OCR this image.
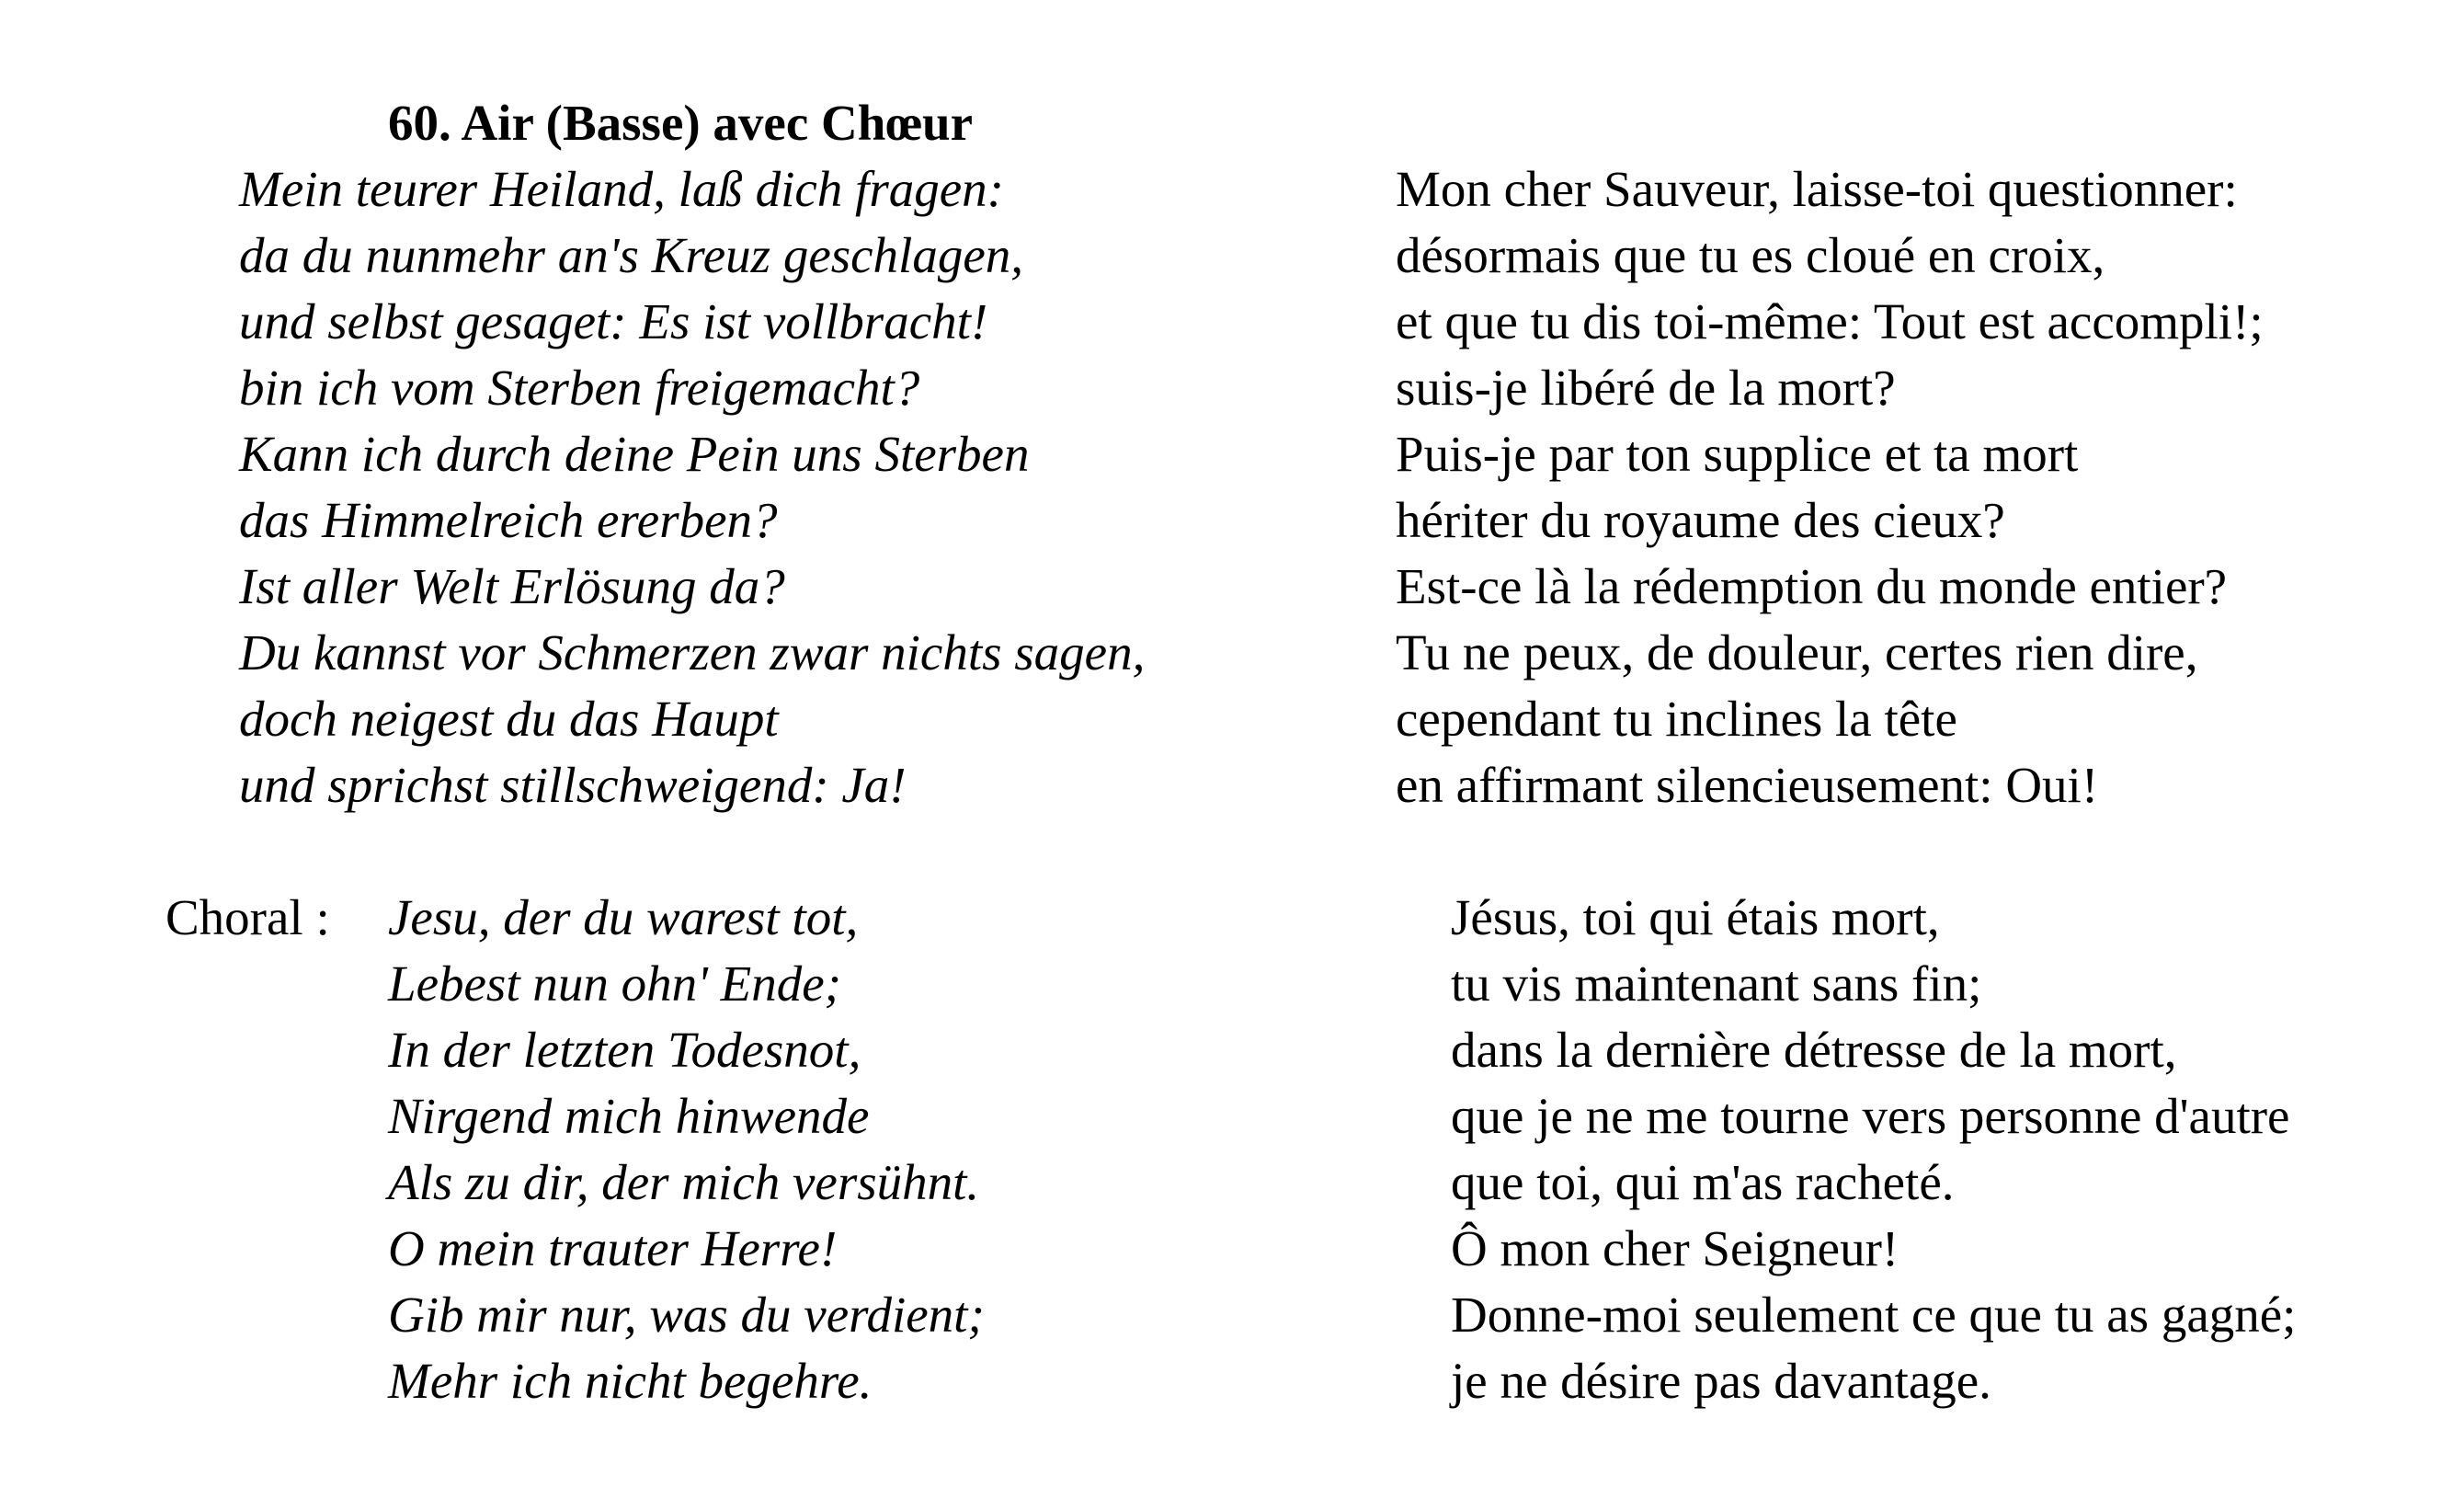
60. Air (Basse) avec Chœur
Mein teurer Heiland, laß dich fragen:
da du nunmehr an's Kreuz geschlagen,
und selbst gesaget: Es ist vollbracht!
bin ich vom Sterben freigemacht?
Kann ich durch deine Pein uns Sterben
das Himmelreich ererben?
Ist aller Welt Erlösung da?
Du kannst vor Schmerzen zwar nichts sagen,
doch neigest du das Haupt
und sprichst stillschweigend: Ja!
Mon cher Sauveur, laisse-toi questionner:
désormais que tu es cloué en croix,
et que tu dis toi-même: Tout est accompli!;
suis-je libéré de la mort?
Puis-je par ton supplice et ta mort
hériter du royaume des cieux?
Est-ce là la rédemption du monde entier?
Tu ne peux, de douleur, certes rien dire,
cependant tu inclines la tête
en affirmant silencieusement: Oui!
Choral : Jesu, der du warest tot,
Lebest nun ohn' Ende;
In der letzten Todesnot,
Nirgend mich hinwende
Als zu dir, der mich versühnt.
O mein trauter Herre!
Gib mir nur, was du verdient;
Mehr ich nicht begehre.
Jésus, toi qui étais mort,
tu vis maintenant sans fin;
dans la dernière détresse de la mort,
que je ne me tourne vers personne d'autre
que toi, qui m'as racheté.
Ô mon cher Seigneur!
Donne-moi seulement ce que tu as gagné;
je ne désire pas davantage.
